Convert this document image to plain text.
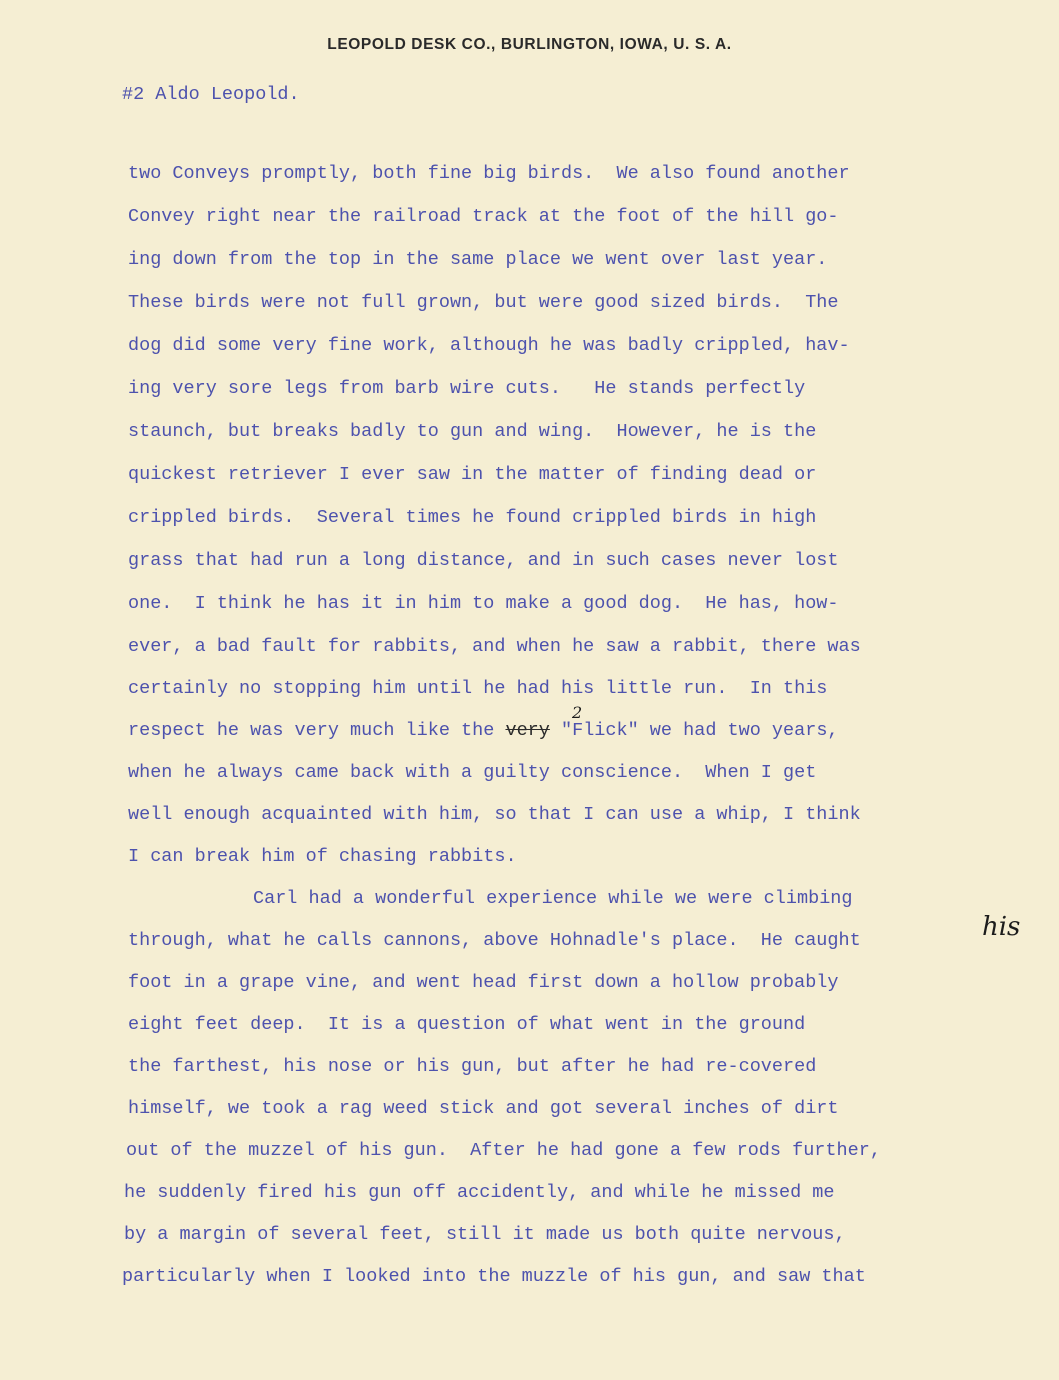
LEOPOLD DESK CO., BURLINGTON, IOWA, U. S. A.
#2 Aldo Leopold.
two Conveys promptly, both fine big birds.  We also found another
Convey right near the railroad track at the foot of the hill go-
ing down from the top in the same place we went over last year.
These birds were not full grown, but were good sized birds.  The
dog did some very fine work, although he was badly crippled, hav-
ing very sore legs from barb wire cuts.   He stands perfectly
staunch, but breaks badly to gun and wing.  However, he is the
quickest retriever I ever saw in the matter of finding dead or
crippled birds.  Several times he found crippled birds in high
grass that had run a long distance, and in such cases never lost
one.  I think he has it in him to make a good dog.  He has, how-
ever, a bad fault for rabbits, and when he saw a rabbit, there was
certainly no stopping him until he had his little run.  In this
respect he was very much like the very "Flick" we had two years,
2
when he always came back with a guilty conscience.  When I get
well enough acquainted with him, so that I can use a whip, I think
I can break him of chasing rabbits.
Carl had a wonderful experience while we were climbing
through, what he calls cannons, above Hohnadle's place.  He caught	his
foot in a grape vine, and went head first down a hollow probably
eight feet deep.  It is a question of what went in the ground
the farthest, his nose or his gun, but after he had re-covered
himself, we took a rag weed stick and got several inches of dirt
out of the muzzel of his gun.  After he had gone a few rods further,
he suddenly fired his gun off accidently, and while he missed me
by a margin of several feet, still it made us both quite nervous,
particularly when I looked into the muzzle of his gun, and saw that
